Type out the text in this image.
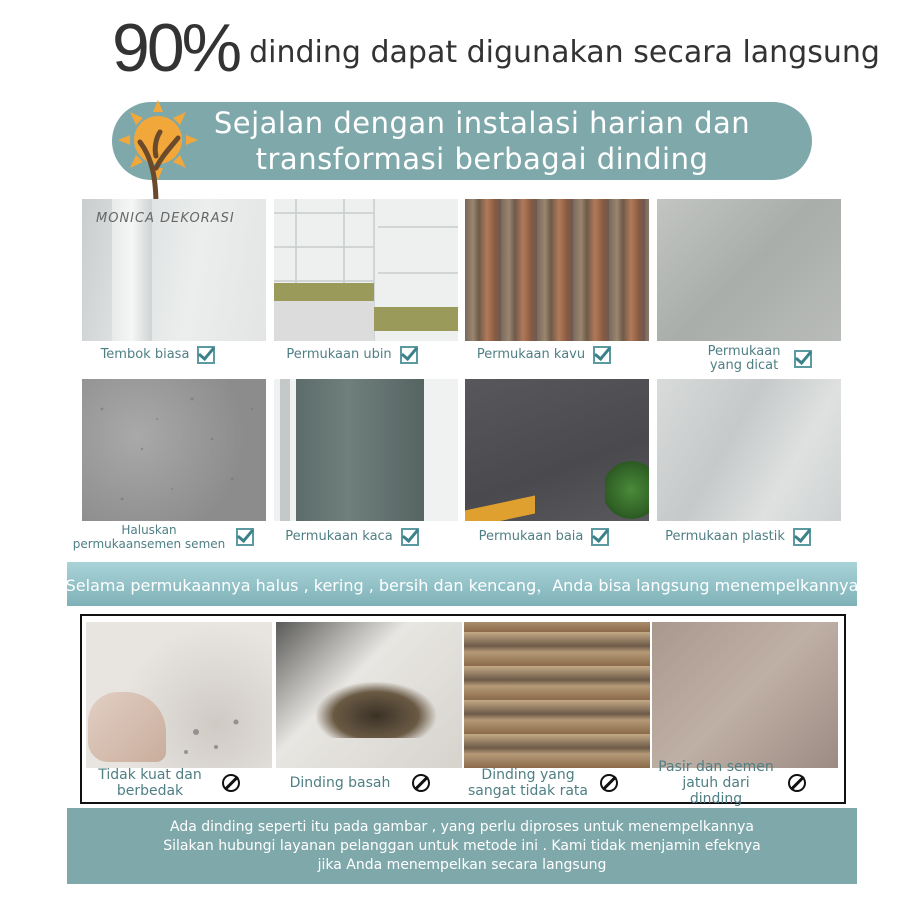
90% dinding dapat digunakan secara langsung
Sejalan dengan instalasi harian dan
transformasi berbagai dinding
MONICA DEKORASI
Tembok biasa	Permukaan ubin	Permukaan kavu	Permukaan yang dicat
Haluskan permukaansemen semen	Permukaan kaca	Permukaan baia	Permukaan plastik
Selama permukaannya halus , kering , bersih dan kencang，Anda bisa langsung menempelkannya
Tidak kuat dan berbedak	Dinding basah	Dinding yang sangat tidak rata
Pasir dan semen jatuh dari dinding
Ada dinding seperti itu pada gambar , yang perlu diproses untuk menempelkannya
Silakan hubungi layanan pelanggan untuk metode ini . Kami tidak menjamin efeknya
jika Anda menempelkan secara langsung
